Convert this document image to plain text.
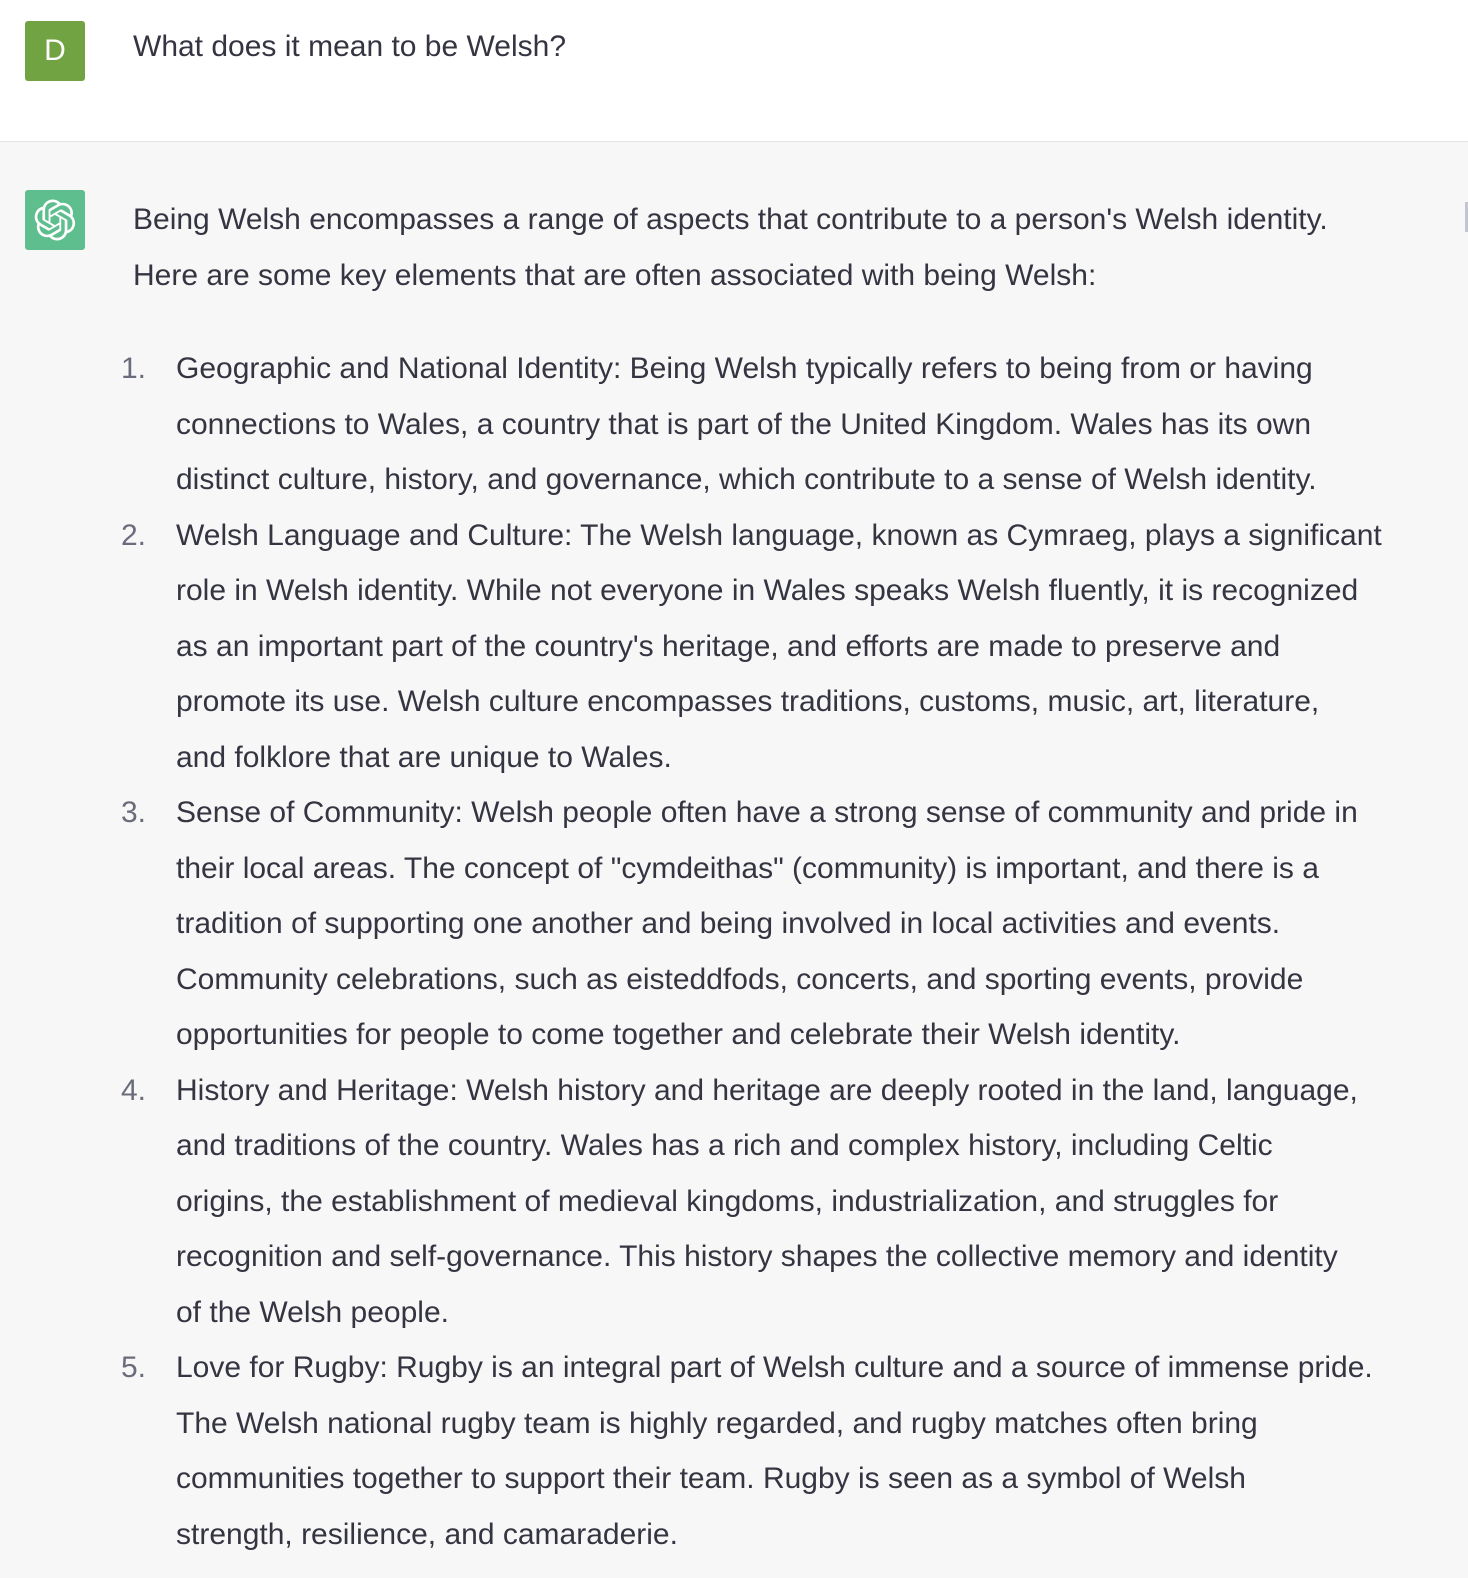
D	What does it mean to be Welsh?

Being Welsh encompasses a range of aspects that contribute to a person's Welsh identity.
Here are some key elements that are often associated with being Welsh:

1. Geographic and National Identity: Being Welsh typically refers to being from or having
connections to Wales, a country that is part of the United Kingdom. Wales has its own
distinct culture, history, and governance, which contribute to a sense of Welsh identity.
2. Welsh Language and Culture: The Welsh language, known as Cymraeg, plays a significant
role in Welsh identity. While not everyone in Wales speaks Welsh fluently, it is recognized
as an important part of the country's heritage, and efforts are made to preserve and
promote its use. Welsh culture encompasses traditions, customs, music, art, literature,
and folklore that are unique to Wales.
3. Sense of Community: Welsh people often have a strong sense of community and pride in
their local areas. The concept of "cymdeithas" (community) is important, and there is a
tradition of supporting one another and being involved in local activities and events.
Community celebrations, such as eisteddfods, concerts, and sporting events, provide
opportunities for people to come together and celebrate their Welsh identity.
4. History and Heritage: Welsh history and heritage are deeply rooted in the land, language,
and traditions of the country. Wales has a rich and complex history, including Celtic
origins, the establishment of medieval kingdoms, industrialization, and struggles for
recognition and self-governance. This history shapes the collective memory and identity
of the Welsh people.
5. Love for Rugby: Rugby is an integral part of Welsh culture and a source of immense pride.
The Welsh national rugby team is highly regarded, and rugby matches often bring
communities together to support their team. Rugby is seen as a symbol of Welsh
strength, resilience, and camaraderie.
